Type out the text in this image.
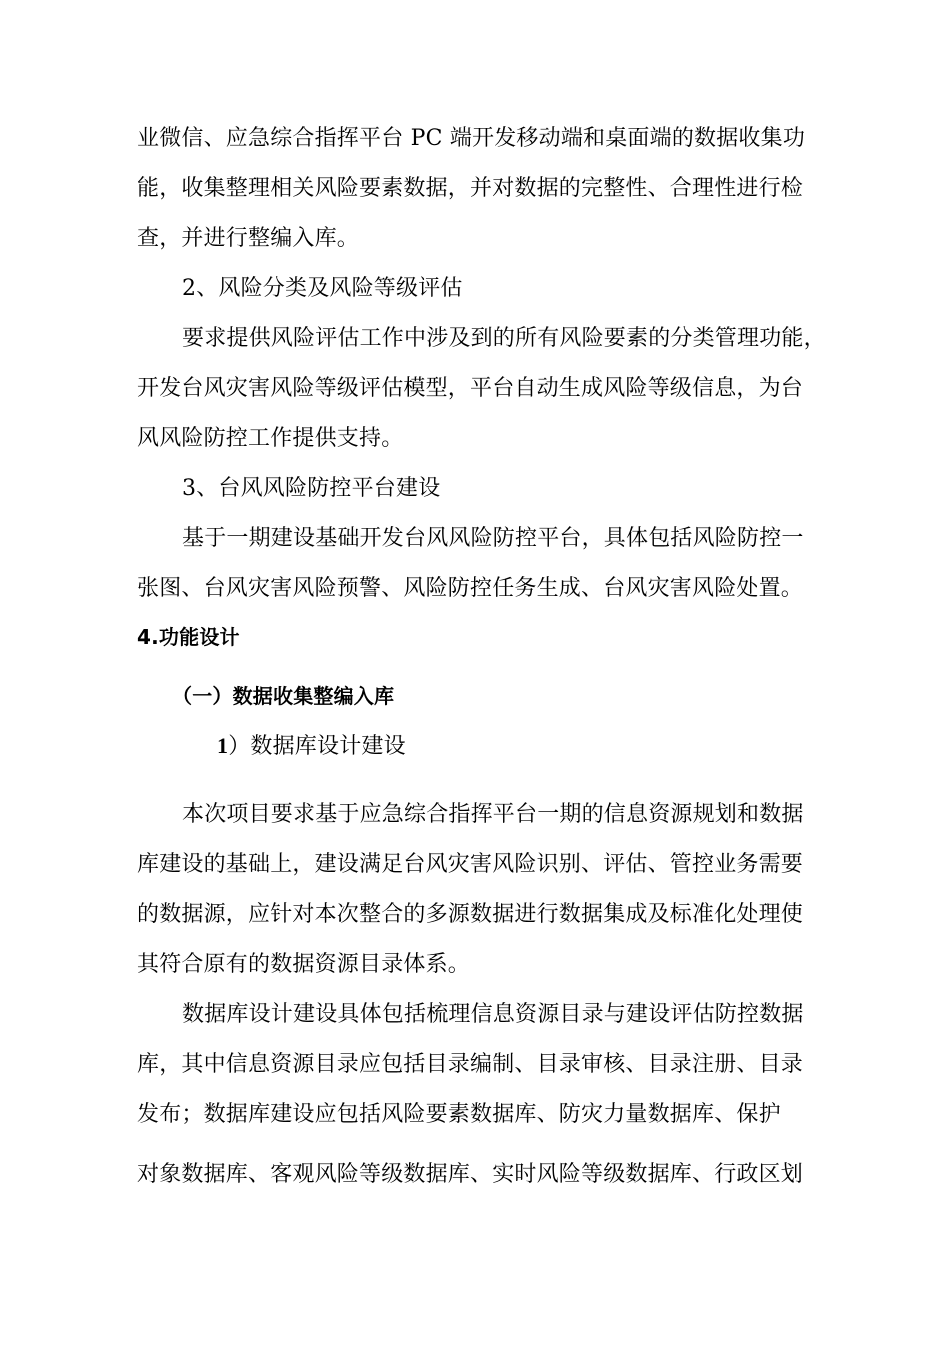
业微信、应急综合指挥平台 PC 端开发移动端和桌面端的数据收集功
能，收集整理相关风险要素数据，并对数据的完整性、合理性进行检
查，并进行整编入库。
2、风险分类及风险等级评估
要求提供风险评估工作中涉及到的所有风险要素的分类管理功能，
开发台风灾害风险等级评估模型，平台自动生成风险等级信息，为台
风风险防控工作提供支持。
3、台风风险防控平台建设
基于一期建设基础开发台风风险防控平台，具体包括风险防控一
张图、台风灾害风险预警、风险防控任务生成、台风灾害风险处置。
4.功能设计
（一）数据收集整编入库
1）数据库设计建设
本次项目要求基于应急综合指挥平台一期的信息资源规划和数据
库建设的基础上，建设满足台风灾害风险识别、评估、管控业务需要
的数据源，应针对本次整合的多源数据进行数据集成及标准化处理使
其符合原有的数据资源目录体系。
数据库设计建设具体包括梳理信息资源目录与建设评估防控数据
库，其中信息资源目录应包括目录编制、目录审核、目录注册、目录
发布；数据库建设应包括风险要素数据库、防灾力量数据库、保护
对象数据库、客观风险等级数据库、实时风险等级数据库、行政区划
